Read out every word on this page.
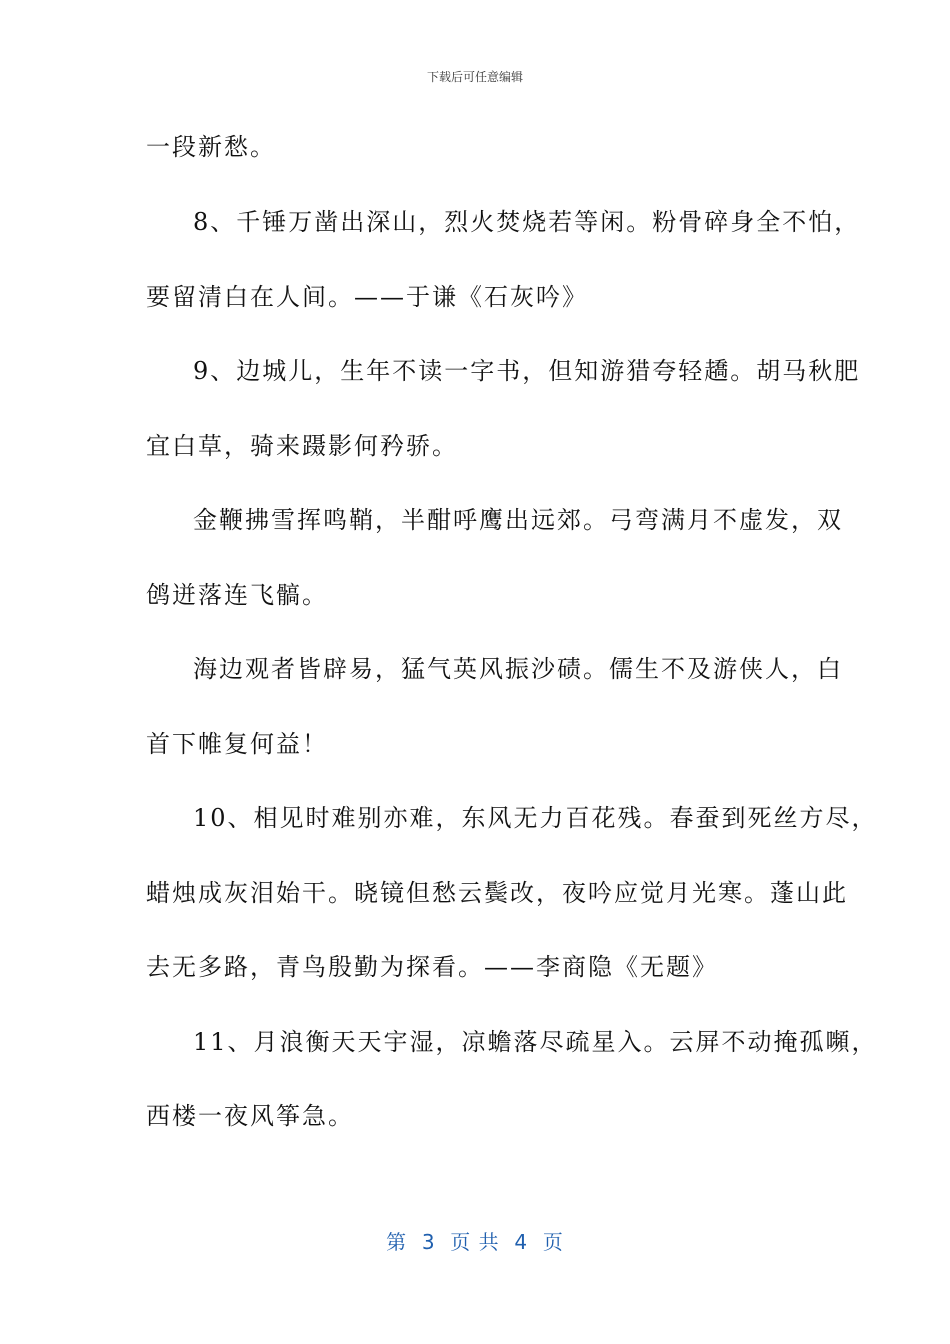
下载后可任意编辑
一段新愁。
8、千锤万凿出深山，烈火焚烧若等闲。粉骨碎身全不怕，
要留清白在人间。——于谦《石灰吟》
9、边城儿，生年不读一字书，但知游猎夸轻趫。胡马秋肥
宜白草，骑来蹑影何矜骄。
金鞭拂雪挥鸣鞘，半酣呼鹰出远郊。弓弯满月不虚发，双
鸧迸落连飞髇。
海边观者皆辟易，猛气英风振沙碛。儒生不及游侠人，白
首下帷复何益！
10、相见时难别亦难，东风无力百花残。春蚕到死丝方尽，
蜡烛成灰泪始干。晓镜但愁云鬓改，夜吟应觉月光寒。蓬山此
去无多路，青鸟殷勤为探看。——李商隐《无题》
11、月浪衡天天宇湿，凉蟾落尽疏星入。云屏不动掩孤嚬，
西楼一夜风筝急。
第  3  页 共  4  页
